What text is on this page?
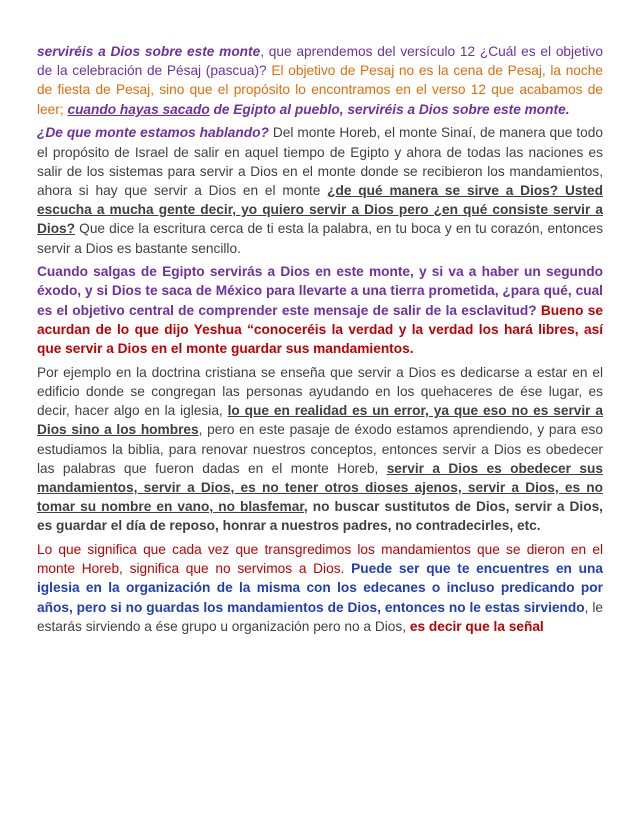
serviréis a Dios sobre este monte, que aprendemos del versículo 12 ¿Cuál es el objetivo de la celebración de Pésaj (pascua)? El objetivo de Pesaj no es la cena de Pesaj, la noche de fiesta de Pesaj, sino que el propósito lo encontramos en el verso 12 que acabamos de leer; cuando hayas sacado de Egipto al pueblo, serviréis a Dios sobre este monte.

¿De que monte estamos hablando? Del monte Horeb, el monte Sinaí, de manera que todo el propósito de Israel de salir en aquel tiempo de Egipto y ahora de todas las naciones es salir de los sistemas para servir a Dios en el monte donde se recibieron los mandamientos, ahora si hay que servir a Dios en el monte ¿de qué manera se sirve a Dios? Usted escucha a mucha gente decir, yo quiero servir a Dios pero ¿en qué consiste servir a Dios? Que dice la escritura cerca de ti esta la palabra, en tu boca y en tu corazón, entonces servir a Dios es bastante sencillo.

Cuando salgas de Egipto servirás a Dios en este monte, y si va a haber un segundo éxodo, y si Dios te saca de México para llevarte a una tierra prometida, ¿para qué, cual es el objetivo central de comprender este mensaje de salir de la esclavitud? Bueno se acurdan de lo que dijo Yeshua “conoceréis la verdad y la verdad los hará libres, así que servir a Dios en el monte guardar sus mandamientos.

Por ejemplo en la doctrina cristiana se enseña que servir a Dios es dedicarse a estar en el edificio donde se congregan las personas ayudando en los quehaceres de ése lugar, es decir, hacer algo en la iglesia, lo que en realidad es un error, ya que eso no es servir a Dios sino a los hombres, pero en este pasaje de éxodo estamos aprendiendo, y para eso estudiamos la biblia, para renovar nuestros conceptos, entonces servir a Dios es obedecer las palabras que fueron dadas en el monte Horeb, servir a Dios es obedecer sus mandamientos, servir a Dios, es no tener otros dioses ajenos, servir a Dios, es no tomar su nombre en vano, no blasfemar, no buscar sustitutos de Dios, servir a Dios, es guardar el día de reposo, honrar a nuestros padres, no contradecirles, etc.

Lo que significa que cada vez que transgredimos los mandamientos que se dieron en el monte Horeb, significa que no servimos a Dios. Puede ser que te encuentres en una iglesia en la organización de la misma con los edecanes o incluso predicando por años, pero si no guardas los mandamientos de Dios, entonces no le estas sirviendo, le estarás sirviendo a ése grupo u organización pero no a Dios, es decir que la señal
